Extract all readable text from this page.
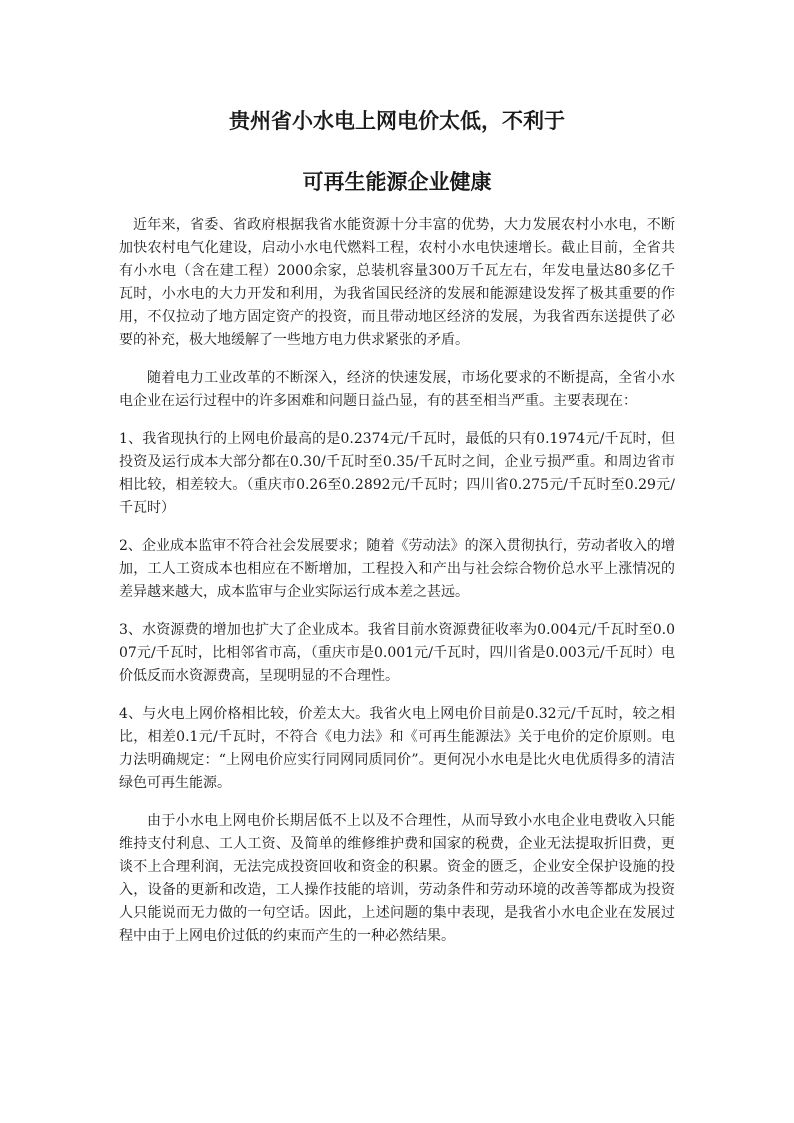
贵州省小水电上网电价太低，不利于
可再生能源企业健康

近年来，省委、省政府根据我省水能资源十分丰富的优势，大力发展农村小水电，不断加快农村电气化建设，启动小水电代燃料工程，农村小水电快速增长。截止目前，全省共有小水电（含在建工程）2000余家，总装机容量300万千瓦左右，年发电量达80多亿千瓦时，小水电的大力开发和利用，为我省国民经济的发展和能源建设发挥了极其重要的作用，不仅拉动了地方固定资产的投资，而且带动地区经济的发展，为我省西东送提供了必要的补充，极大地缓解了一些地方电力供求紧张的矛盾。

随着电力工业改革的不断深入，经济的快速发展，市场化要求的不断提高，全省小水电企业在运行过程中的许多困难和问题日益凸显，有的甚至相当严重。主要表现在：

1、我省现执行的上网电价最高的是0.2374元/千瓦时，最低的只有0.1974元/千瓦时，但投资及运行成本大部分都在0.30/千瓦时至0.35/千瓦时之间，企业亏损严重。和周边省市相比较，相差较大。（重庆市0.26至0.2892元/千瓦时；四川省0.275元/千瓦时至0.29元/千瓦时）

2、企业成本监审不符合社会发展要求；随着《劳动法》的深入贯彻执行，劳动者收入的增加，工人工资成本也相应在不断增加，工程投入和产出与社会综合物价总水平上涨情况的差异越来越大，成本监审与企业实际运行成本差之甚远。

3、水资源费的增加也扩大了企业成本。我省目前水资源费征收率为0.004元/千瓦时至0.007元/千瓦时，比相邻省市高，（重庆市是0.001元/千瓦时，四川省是0.003元/千瓦时）电价低反而水资源费高，呈现明显的不合理性。

4、与火电上网价格相比较，价差太大。我省火电上网电价目前是0.32元/千瓦时，较之相比，相差0.1元/千瓦时，不符合《电力法》和《可再生能源法》关于电价的定价原则。电力法明确规定：“上网电价应实行同网同质同价”。更何况小水电是比火电优质得多的清洁绿色可再生能源。

由于小水电上网电价长期居低不上以及不合理性，从而导致小水电企业电费收入只能维持支付利息、工人工资、及简单的维修维护费和国家的税费，企业无法提取折旧费，更谈不上合理利润，无法完成投资回收和资金的积累。资金的匮乏，企业安全保护设施的投入，设备的更新和改造，工人操作技能的培训，劳动条件和劳动环境的改善等都成为投资人只能说而无力做的一句空话。因此，上述问题的集中表现，是我省小水电企业在发展过程中由于上网电价过低的约束而产生的一种必然结果。
